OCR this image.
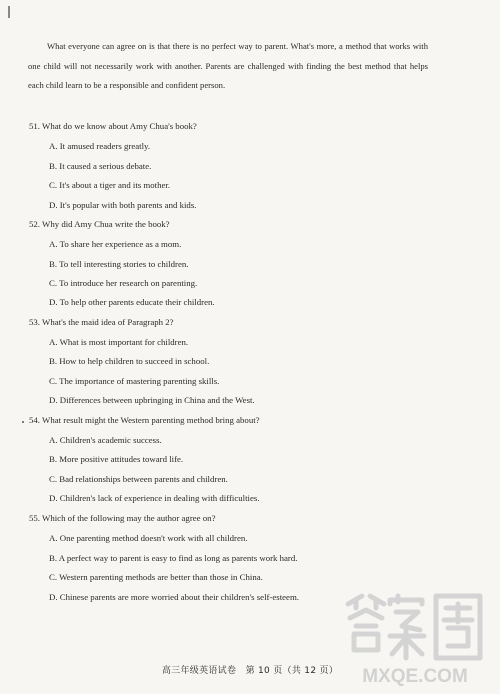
What everyone can agree on is that there is no perfect way to parent. What's more, a method that works with one child will not necessarily work with another. Parents are challenged with finding the best method that helps each child learn to be a responsible and confident person.

51. What do we know about Amy Chua's book?
A. It amused readers greatly.
B. It caused a serious debate.
C. It's about a tiger and its mother.
D. It's popular with both parents and kids.
52. Why did Amy Chua write the book?
A. To share her experience as a mom.
B. To tell interesting stories to children.
C. To introduce her research on parenting.
D. To help other parents educate their children.
53. What's the maid idea of Paragraph 2?
A. What is most important for children.
B. How to help children to succeed in school.
C. The importance of mastering parenting skills.
D. Differences between upbringing in China and the West.
54. What result might the Western parenting method bring about?
A. Children's academic success.
B. More positive attitudes toward life.
C. Bad relationships between parents and children.
D. Children's lack of experience in dealing with difficulties.
55. Which of the following may the author agree on?
A. One parenting method doesn't work with all children.
B. A perfect way to parent is easy to find as long as parents work hard.
C. Western parenting methods are better than those in China.
D. Chinese parents are more worried about their children's self-esteem.
高三年级英语试卷　第 10 页（共 12 页）	MXQE.COM
